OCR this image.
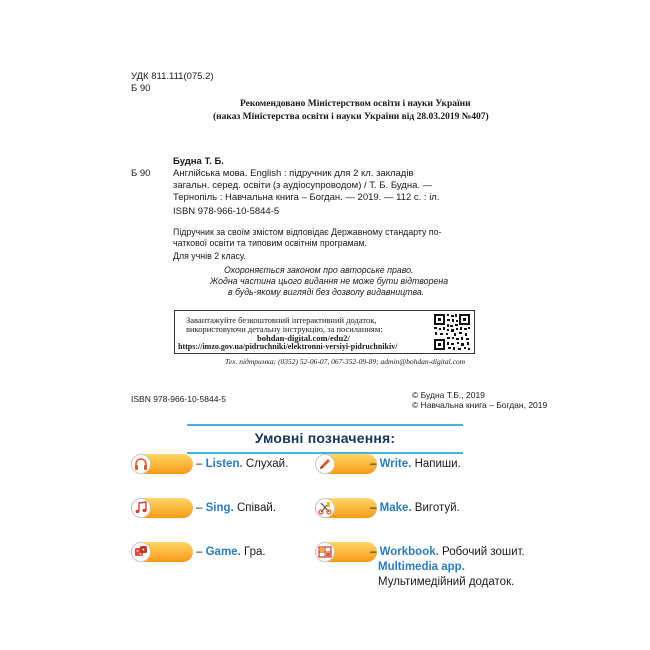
УДК 811.111(075.2)
Б 90
Рекомендовано Міністерством освіти і науки України
(наказ Міністерства освіти і науки України від 28.03.2019 №407)
Будна Т. Б.
Б 90 Англійська мова. English : підручник для 2 кл. закладів
загальн. серед. освіти (з аудіосупроводом) / Т. Б. Будна. —
Тернопіль : Навчальна книга – Богдан. — 2019. — 112 с. : іл.
ISBN 978-966-10-5844-5
Підручник за своїм змістом відповідає Державному стандарту по-
чаткової освіти та типовим освітнім програмам.
Для учнів 2 класу.
Охороняється законом про авторське право.
Жодна частина цього видання не може бути відтворена
в будь-якому вигляді без дозволу видавництва.
Завантажуйте безкоштовний інтерактивний додаток,
використовуючи детальну інструкцію, за посиланням:
bohdan-digital.com/edu2/
https://imzo.gov.ua/pidruchniki/elektronni-versiyi-pidruchnikiv/
Тех. підтримка: (0352) 52-06-07, 067-352-09-89; admin@bohdan-digital.com
ISBN 978-966-10-5844-5	© Будна Т.Б., 2019
© Навчальна книга – Богдан, 2019
Умовні позначення:
– Listen. Слухай.
– Sing. Співай.
– Game. Гра.
– Write. Напиши.
– Make. Виготуй.
– Workbook. Робочий зошит.
Multimedia app.
Мультимедійний додаток.
